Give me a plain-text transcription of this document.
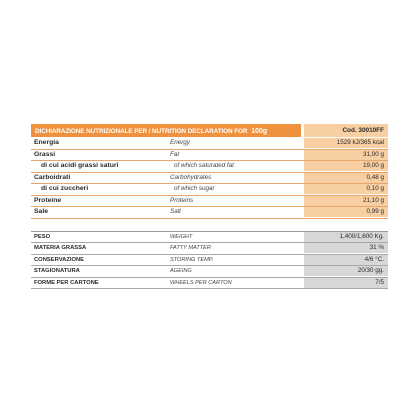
DICHIARAZIONE NUTRIZIONALE PER / NUTRITION DECLARATION FOR 100g	Cod. 30010FF
Energia	Energy	1529 kJ/365 kcal
Grassi	Fat	31,00 g
di cui acidi grassi saturi	of which saturated fat	19,00 g
Carboidrati	Carbohydrates	0,48 g
di cui zuccheri	of which sugar	0,10 g
Proteine	Proteins	21,10 g
Sale	Salt	0,99 g
PESO	WEIGHT	1,400/1,600 Kg.
MATERIA GRASSA	FATTY MATTER	31 %
CONSERVAZIONE	STORING TEMP.	4/6 °C.
STAGIONATURA	AGEING	20/30 gg.
FORME PER CARTONE	WHEELS PER CARTON	7/5
